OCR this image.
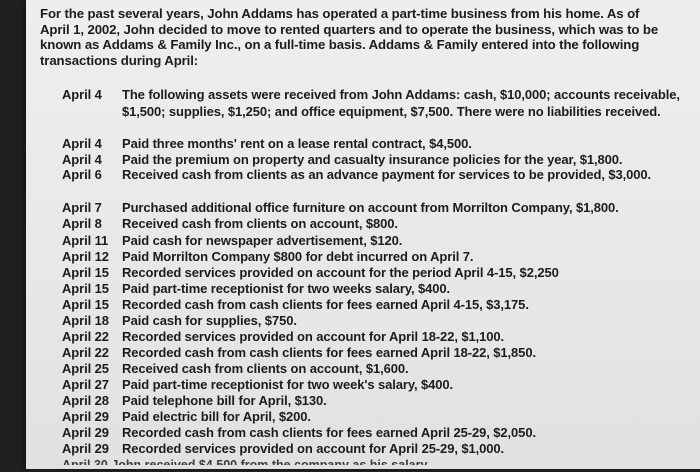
For the past several years, John Addams has operated a part-time business from his home. As of April 1, 2002, John decided to move to rented quarters and to operate the business, which was to be known as Addams & Family Inc., on a full-time basis. Addams & Family entered into the following transactions during April:
April 4 The following assets were received from John Addams: cash, $10,000; accounts receivable, $1,500; supplies, $1,250; and office equipment, $7,500. There were no liabilities received.
April 4 Paid three months' rent on a lease rental contract, $4,500.
April 4 Paid the premium on property and casualty insurance policies for the year, $1,800.
April 6 Received cash from clients as an advance payment for services to be provided, $3,000.
April 7 Purchased additional office furniture on account from Morrilton Company, $1,800.
April 8 Received cash from clients on account, $800.
April 11 Paid cash for newspaper advertisement, $120.
April 12 Paid Morrilton Company $800 for debt incurred on April 7.
April 15 Recorded services provided on account for the period April 4-15, $2,250
April 15 Paid part-time receptionist for two weeks salary, $400.
April 15 Recorded cash from cash clients for fees earned April 4-15, $3,175.
April 18 Paid cash for supplies, $750.
April 22 Recorded services provided on account for April 18-22, $1,100.
April 22 Recorded cash from cash clients for fees earned April 18-22, $1,850.
April 25 Received cash from clients on account, $1,600.
April 27 Paid part-time receptionist for two week's salary, $400.
April 28 Paid telephone bill for April, $130.
April 29 Paid electric bill for April, $200.
April 29 Recorded cash from cash clients for fees earned April 25-29, $2,050.
April 29 Recorded services provided on account for April 25-29, $1,000.
